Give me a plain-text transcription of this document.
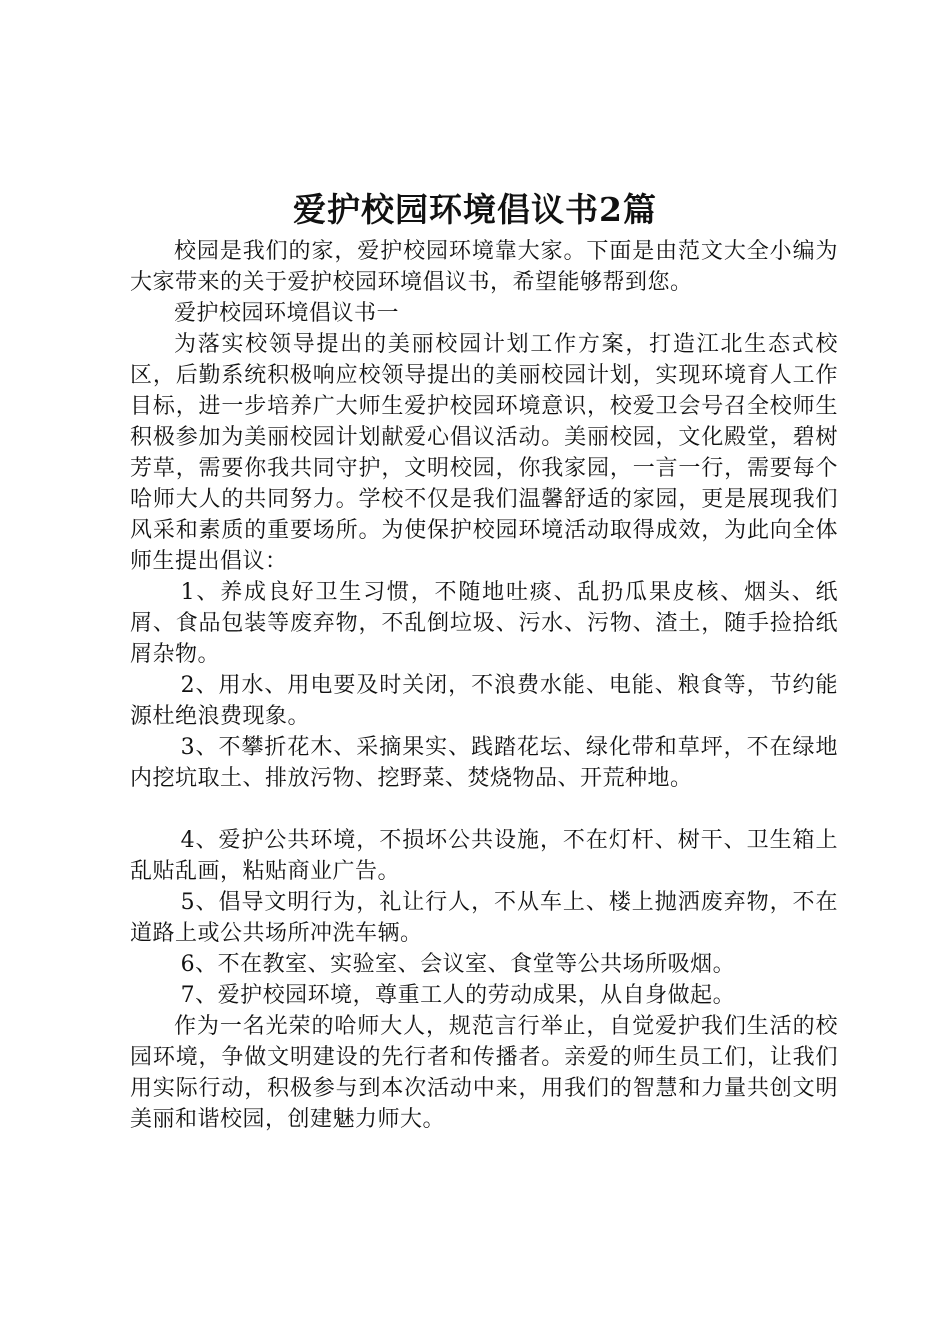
爱护校园环境倡议书2篇

校园是我们的家，爱护校园环境靠大家。下面是由范文大全小编为大家带来的关于爱护校园环境倡议书，希望能够帮到您。

爱护校园环境倡议书一

为落实校领导提出的美丽校园计划工作方案，打造江北生态式校区，后勤系统积极响应校领导提出的美丽校园计划，实现环境育人工作目标，进一步培养广大师生爱护校园环境意识，校爱卫会号召全校师生积极参加为美丽校园计划献爱心倡议活动。美丽校园，文化殿堂，碧树芳草，需要你我共同守护，文明校园，你我家园，一言一行，需要每个哈师大人的共同努力。学校不仅是我们温馨舒适的家园，更是展现我们风采和素质的重要场所。为使保护校园环境活动取得成效，为此向全体师生提出倡议：

1、养成良好卫生习惯，不随地吐痰、乱扔瓜果皮核、烟头、纸屑、食品包装等废弃物，不乱倒垃圾、污水、污物、渣土，随手捡拾纸屑杂物。

2、用水、用电要及时关闭，不浪费水能、电能、粮食等，节约能源杜绝浪费现象。

3、不攀折花木、采摘果实、践踏花坛、绿化带和草坪，不在绿地内挖坑取土、排放污物、挖野菜、焚烧物品、开荒种地。

4、爱护公共环境，不损坏公共设施，不在灯杆、树干、卫生箱上乱贴乱画，粘贴商业广告。

5、倡导文明行为，礼让行人，不从车上、楼上抛洒废弃物，不在道路上或公共场所冲洗车辆。

6、不在教室、实验室、会议室、食堂等公共场所吸烟。

7、爱护校园环境，尊重工人的劳动成果，从自身做起。

作为一名光荣的哈师大人，规范言行举止，自觉爱护我们生活的校园环境，争做文明建设的先行者和传播者。亲爱的师生员工们，让我们用实际行动，积极参与到本次活动中来，用我们的智慧和力量共创文明美丽和谐校园，创建魅力师大。
